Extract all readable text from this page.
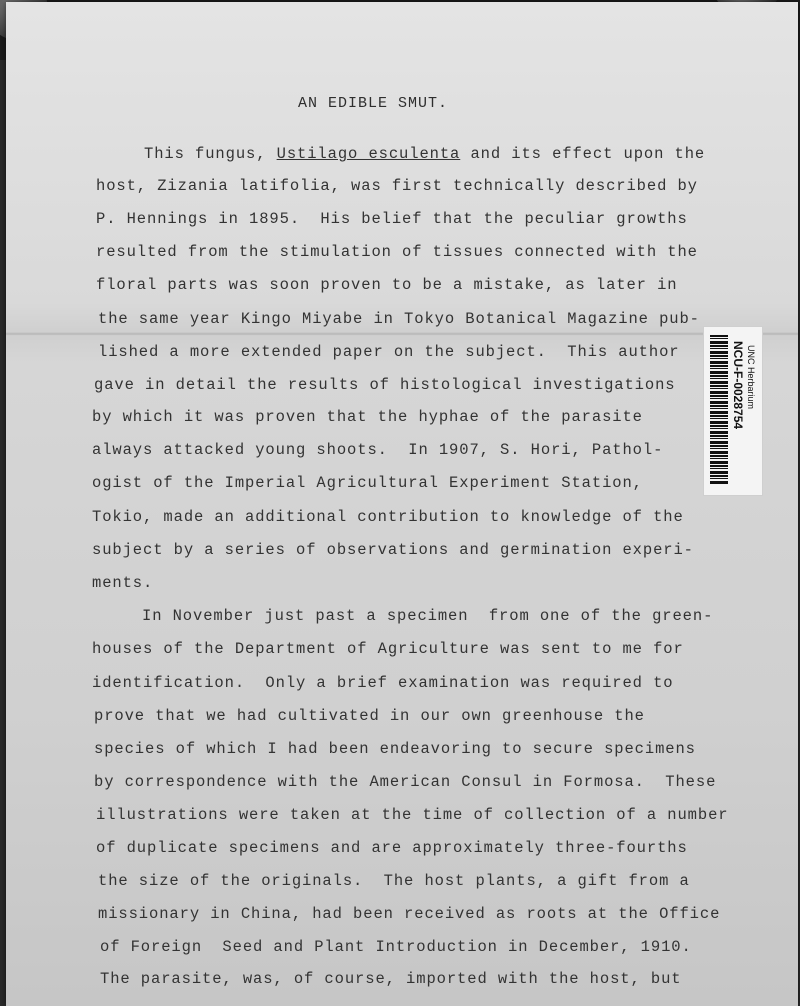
AN EDIBLE SMUT.
This fungus, Ustilago esculenta and its effect upon the
host, Zizania latifolia, was first technically described by
P. Hennings in 1895.  His belief that the peculiar growths
resulted from the stimulation of tissues connected with the
floral parts was soon proven to be a mistake, as later in
the same year Kingo Miyabe in Tokyo Botanical Magazine pub-
lished a more extended paper on the subject.  This author
gave in detail the results of histological investigations
by which it was proven that the hyphae of the parasite
always attacked young shoots.  In 1907, S. Hori, Pathol-
ogist of the Imperial Agricultural Experiment Station,
Tokio, made an additional contribution to knowledge of the
subject by a series of observations and germination experi-
ments.
In November just past a specimen  from one of the green-
houses of the Department of Agriculture was sent to me for
identification.  Only a brief examination was required to
prove that we had cultivated in our own greenhouse the
species of which I had been endeavoring to secure specimens
by correspondence with the American Consul in Formosa.  These
illustrations were taken at the time of collection of a number
of duplicate specimens and are approximately three-fourths
the size of the originals.  The host plants, a gift from a
missionary in China, had been received as roots at the Office
of Foreign  Seed and Plant Introduction in December, 1910.
The parasite, was, of course, imported with the host, but
UNC Herbarium
NCU-F-0028754
